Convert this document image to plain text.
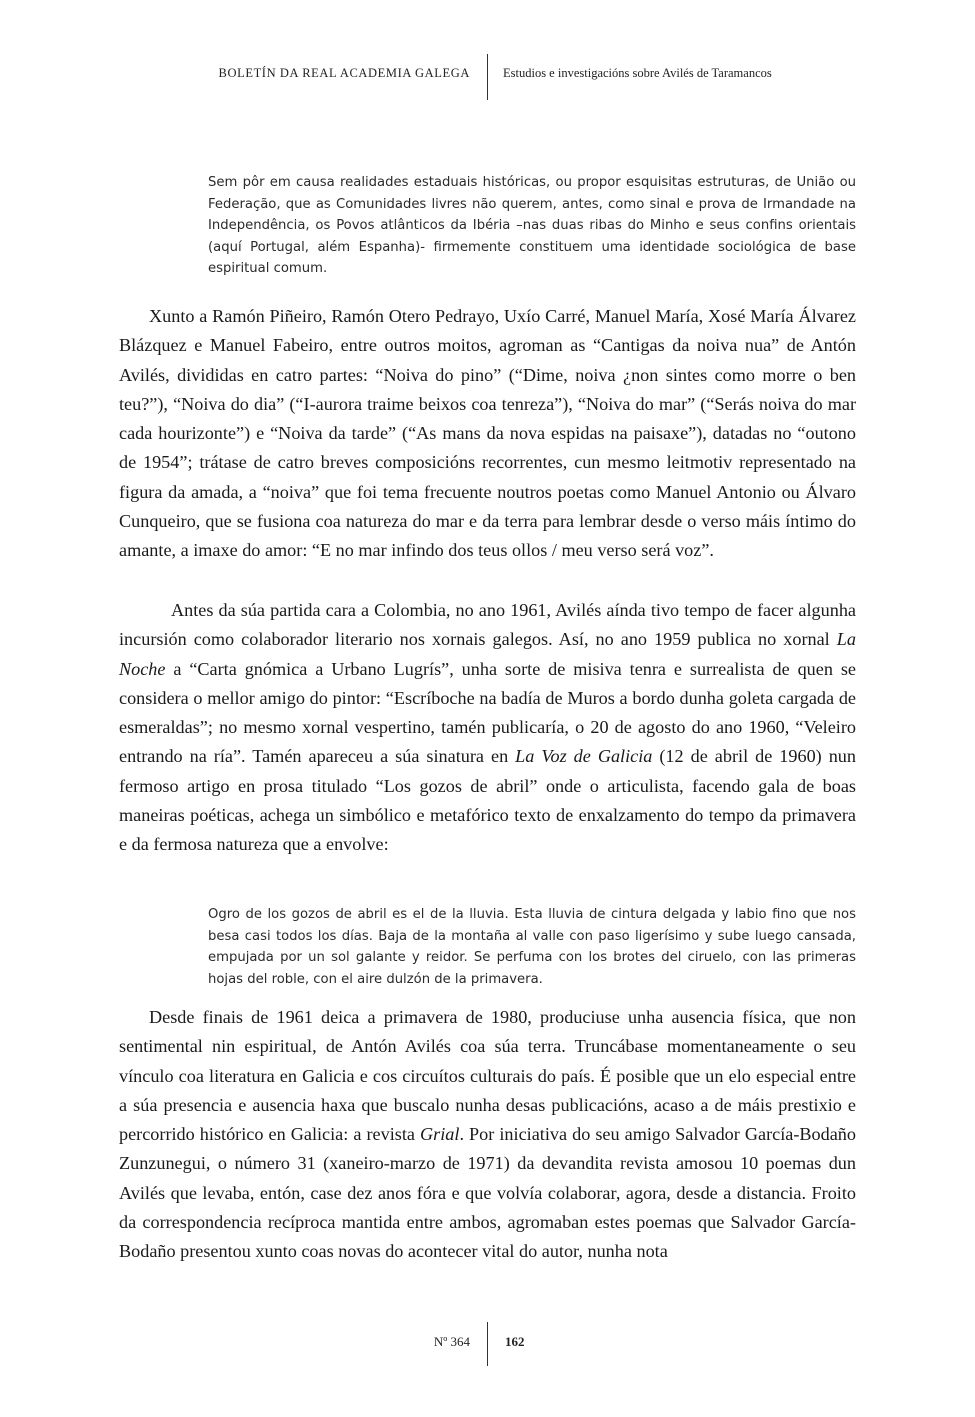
BOLETÍN DA REAL ACADEMIA GALEGA	Estudios e investigacións sobre Avilés de Taramancos
Sem pôr em causa realidades estaduais históricas, ou propor esquisitas estruturas, de União ou Federação, que as Comunidades livres não querem, antes, como sinal e prova de Irmandade na Independência, os Povos atlânticos da Ibéria –nas duas ribas do Minho e seus confins orientais (aquí Portugal, além Espanha)- firmemente constituem uma identidade sociológica de base espiritual comum.
Xunto a Ramón Piñeiro, Ramón Otero Pedrayo, Uxío Carré, Manuel María, Xosé María Álvarez Blázquez e Manuel Fabeiro, entre outros moitos, agroman as “Cantigas da noiva nua” de Antón Avilés, divididas en catro partes: “Noiva do pino” (“Dime, noiva ¿non sintes como morre o ben teu?”), “Noiva do dia” (“I-aurora traime beixos coa tenreza”), “Noiva do mar” (“Serás noiva do mar cada hourizonte”) e “Noiva da tarde” (“As mans da nova espidas na paisaxe”), datadas no “outono de 1954”; trátase de catro breves composicións recorrentes, cun mesmo leitmotiv representado na figura da amada, a “noiva” que foi tema frecuente noutros poetas como Manuel Antonio ou Álvaro Cunqueiro, que se fusiona coa natureza do mar e da terra para lembrar desde o verso máis íntimo do amante, a imaxe do amor: “E no mar infindo dos teus ollos / meu verso será voz”.
Antes da súa partida cara a Colombia, no ano 1961, Avilés aínda tivo tempo de facer algunha incursión como colaborador literario nos xornais galegos. Así, no ano 1959 publica no xornal La Noche a “Carta gnómica a Urbano Lugrís”, unha sorte de misiva tenra e surrealista de quen se considera o mellor amigo do pintor: “Escríboche na badía de Muros a bordo dunha goleta cargada de esmeraldas”; no mesmo xornal vespertino, tamén publicaría, o 20 de agosto do ano 1960, “Veleiro entrando na ría”. Tamén apareceu a súa sinatura en La Voz de Galicia (12 de abril de 1960) nun fermoso artigo en prosa titulado “Los gozos de abril” onde o articulista, facendo gala de boas maneiras poéticas, achega un simbólico e metafórico texto de enxalzamento do tempo da primavera e da fermosa natureza que a envolve:
Ogro de los gozos de abril es el de la lluvia. Esta lluvia de cintura delgada y labio fino que nos besa casi todos los días. Baja de la montaña al valle con paso ligerísimo y sube luego cansada, empujada por un sol galante y reidor. Se perfuma con los brotes del ciruelo, con las primeras hojas del roble, con el aire dulzón de la primavera.
Desde finais de 1961 deica a primavera de 1980, produciuse unha ausencia física, que non sentimental nin espiritual, de Antón Avilés coa súa terra. Truncábase momentaneamente o seu vínculo coa literatura en Galicia e cos circuítos culturais do país. É posible que un elo especial entre a súa presencia e ausencia haxa que buscalo nunha desas publicacións, acaso a de máis prestixio e percorrido histórico en Galicia: a revista Grial. Por iniciativa do seu amigo Salvador García-Bodaño Zunzunegui, o número 31 (xaneiro-marzo de 1971) da devandita revista amosou 10 poemas dun Avilés que levaba, entón, case dez anos fóra e que volvía colaborar, agora, desde a distancia. Froito da correspondencia recíproca mantida entre ambos, agromaban estes poemas que Salvador García-Bodaño presentou xunto coas novas do acontecer vital do autor, nunha nota
Nº 364	162
